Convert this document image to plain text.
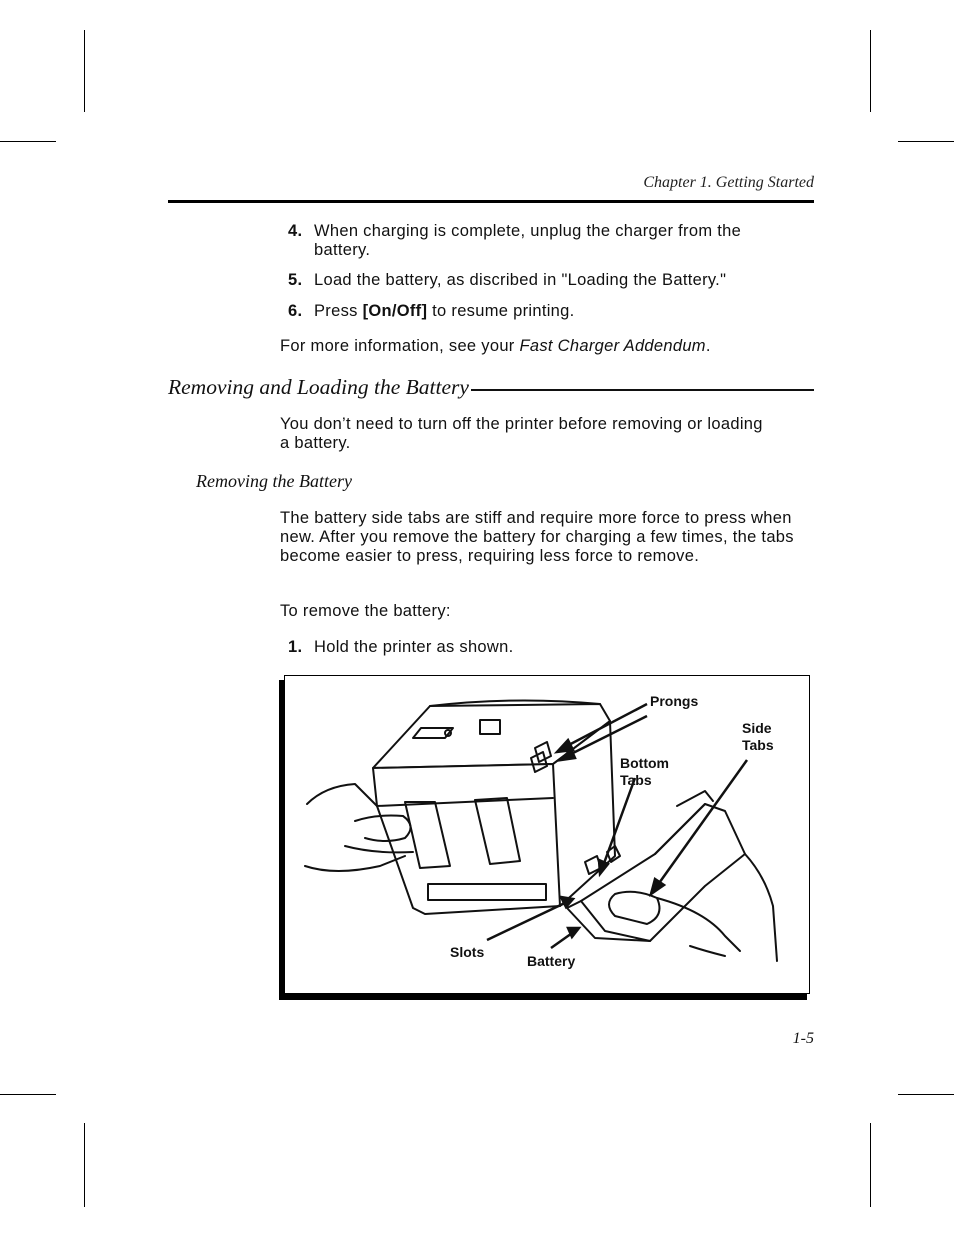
Chapter 1. Getting Started
4. When charging is complete, unplug the charger from the battery.
5. Load the battery, as discribed in "Loading the Battery."
6. Press [On/Off] to resume printing.
For more information, see your Fast Charger Addendum.
Removing and Loading the Battery
You don’t need to turn off the printer before removing or loading a battery.
Removing the Battery
The battery side tabs are stiff and require more force to press when new. After you remove the battery for charging a few times, the tabs become easier to press, requiring less force to remove.
To remove the battery:
1. Hold the printer as shown.
Prongs
Side
Tabs
Bottom
Tabs
Slots
Battery
1-5
